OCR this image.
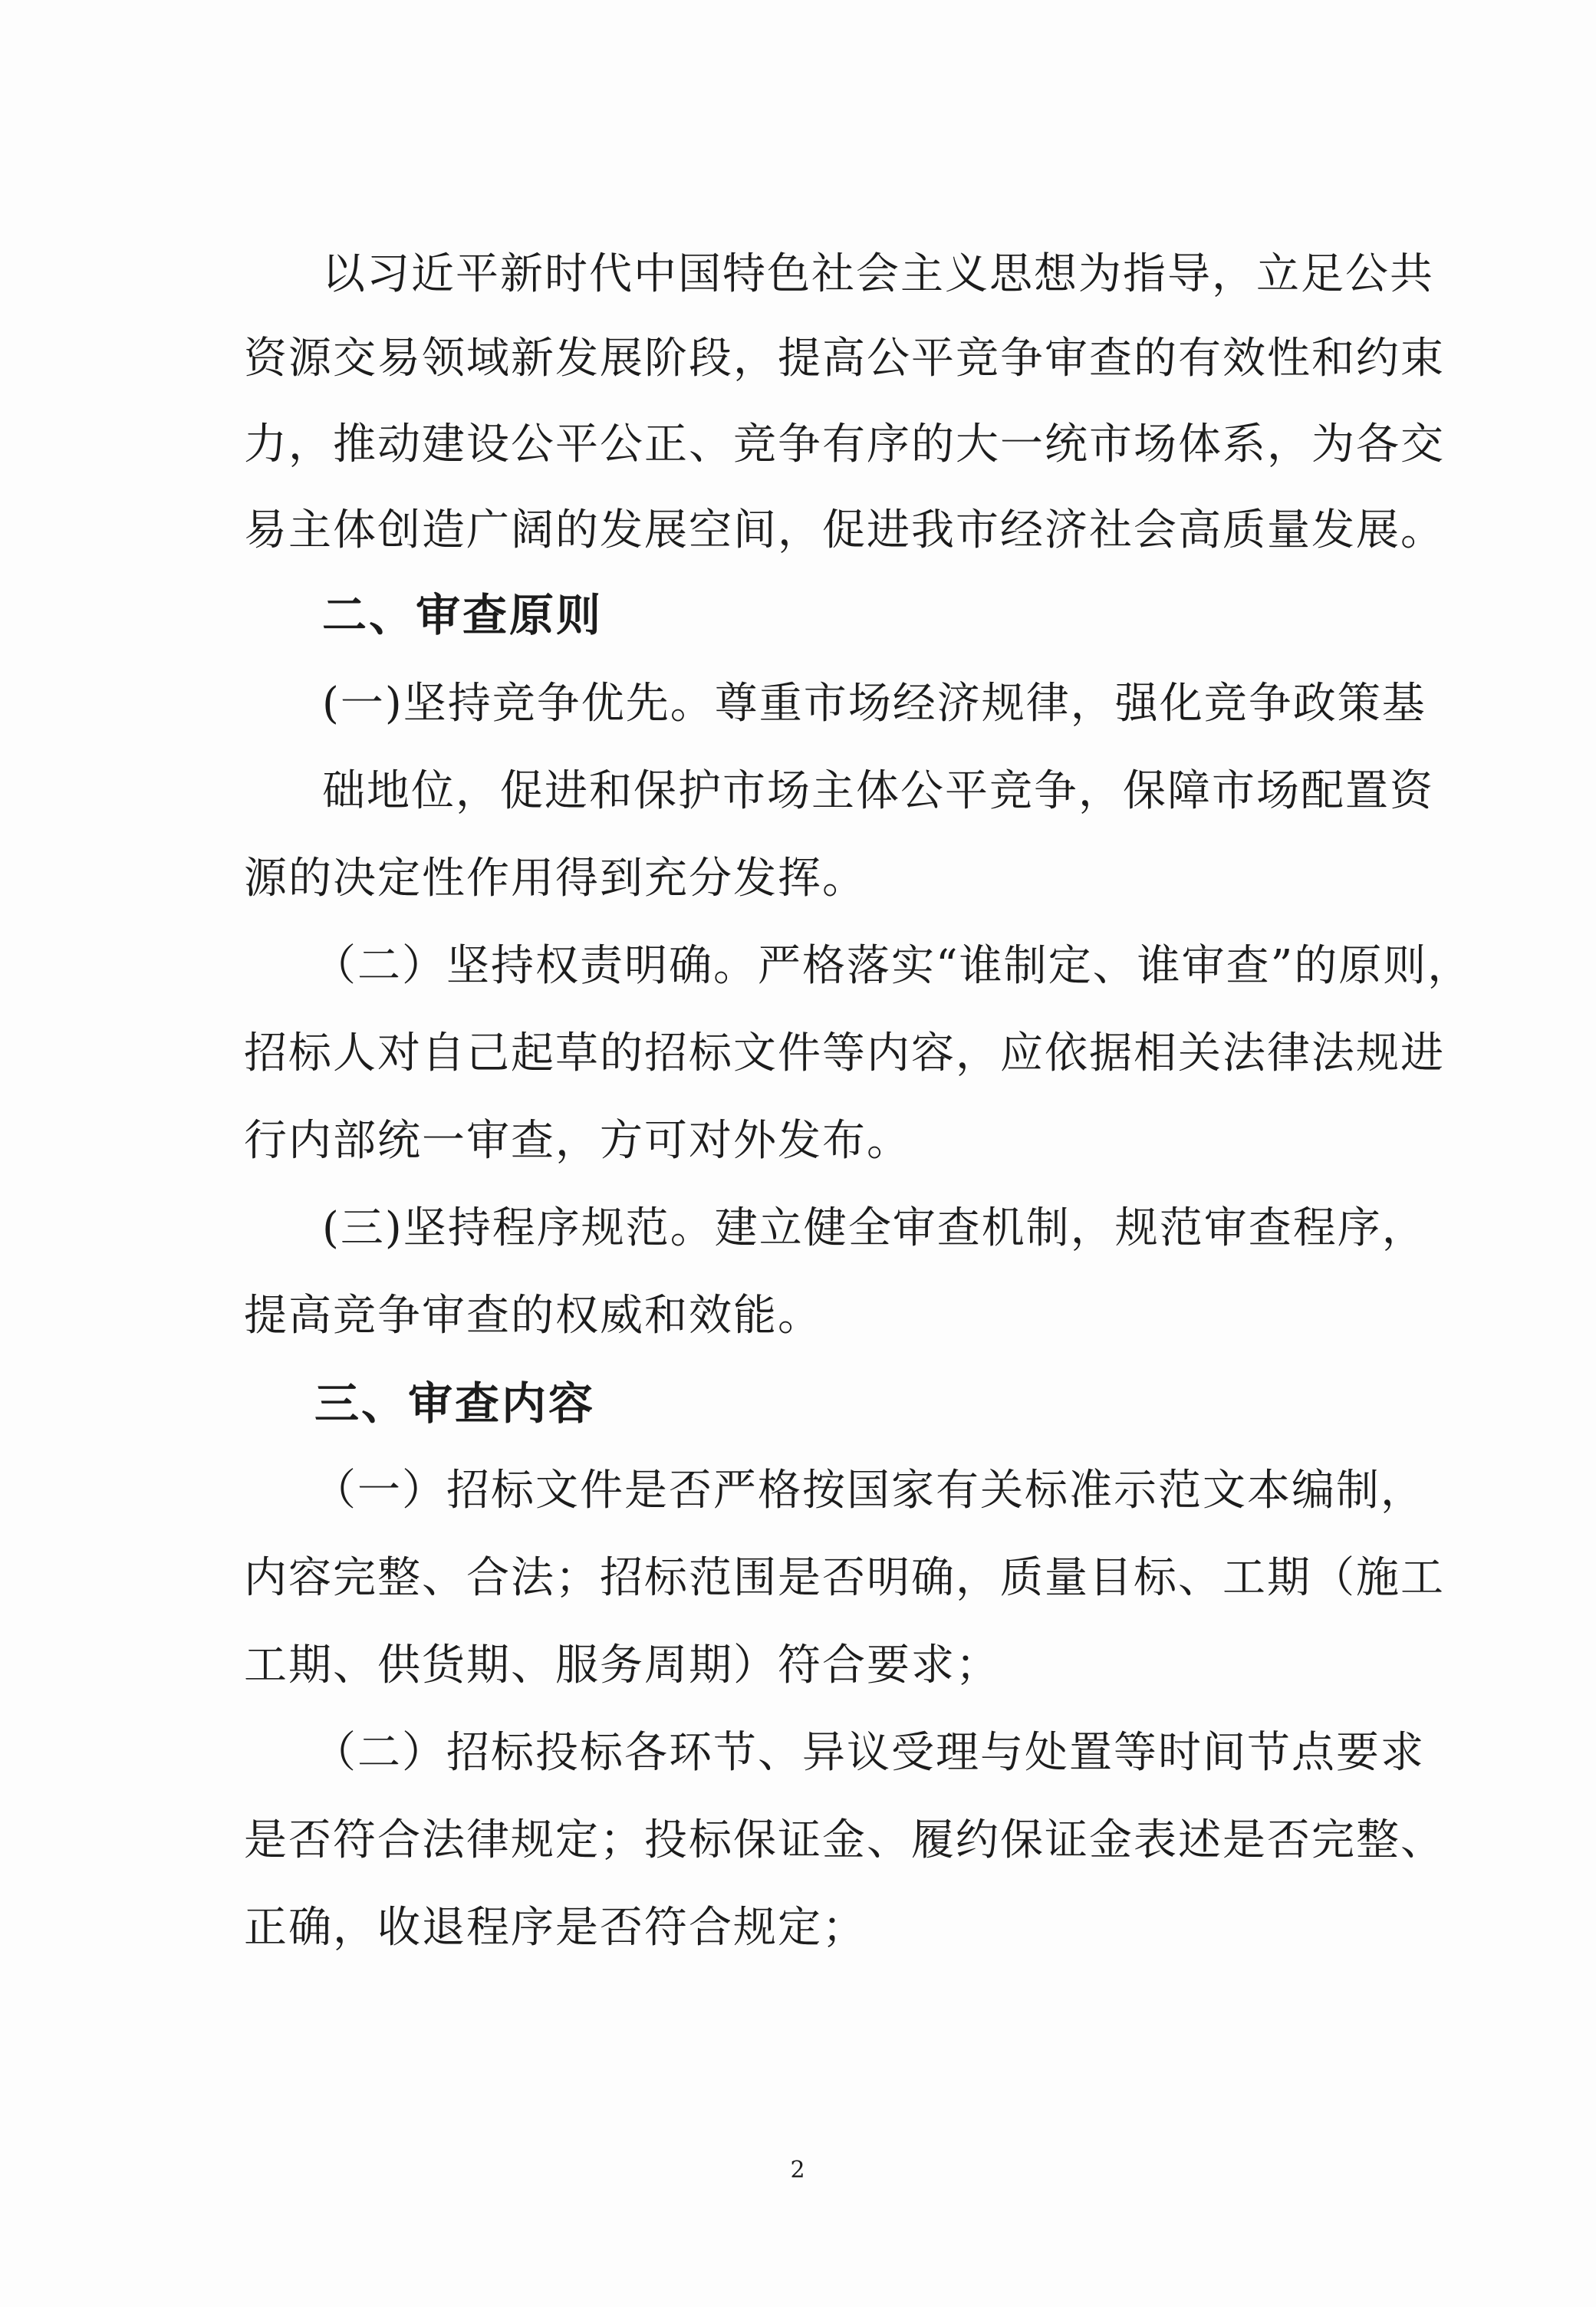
以习近平新时代中国特色社会主义思想为指导，立足公共
资源交易领域新发展阶段，提高公平竞争审查的有效性和约束
力，推动建设公平公正、竞争有序的大一统市场体系，为各交
易主体创造广阔的发展空间，促进我市经济社会高质量发展。
二、审查原则
(一)坚持竞争优先。尊重市场经济规律，强化竞争政策基
础地位，促进和保护市场主体公平竞争，保障市场配置资
源的决定性作用得到充分发挥。
（二）坚持权责明确。严格落实“谁制定、谁审查”的原则，
招标人对自己起草的招标文件等内容，应依据相关法律法规进
行内部统一审查，方可对外发布。
(三)坚持程序规范。建立健全审查机制，规范审查程序，
提高竞争审查的权威和效能。
三、审查内容
（一）招标文件是否严格按国家有关标准示范文本编制，
内容完整、合法；招标范围是否明确，质量目标、工期（施工
工期、供货期、服务周期）符合要求；
（二）招标投标各环节、异议受理与处置等时间节点要求
是否符合法律规定；投标保证金、履约保证金表述是否完整、
正确，收退程序是否符合规定；
2
